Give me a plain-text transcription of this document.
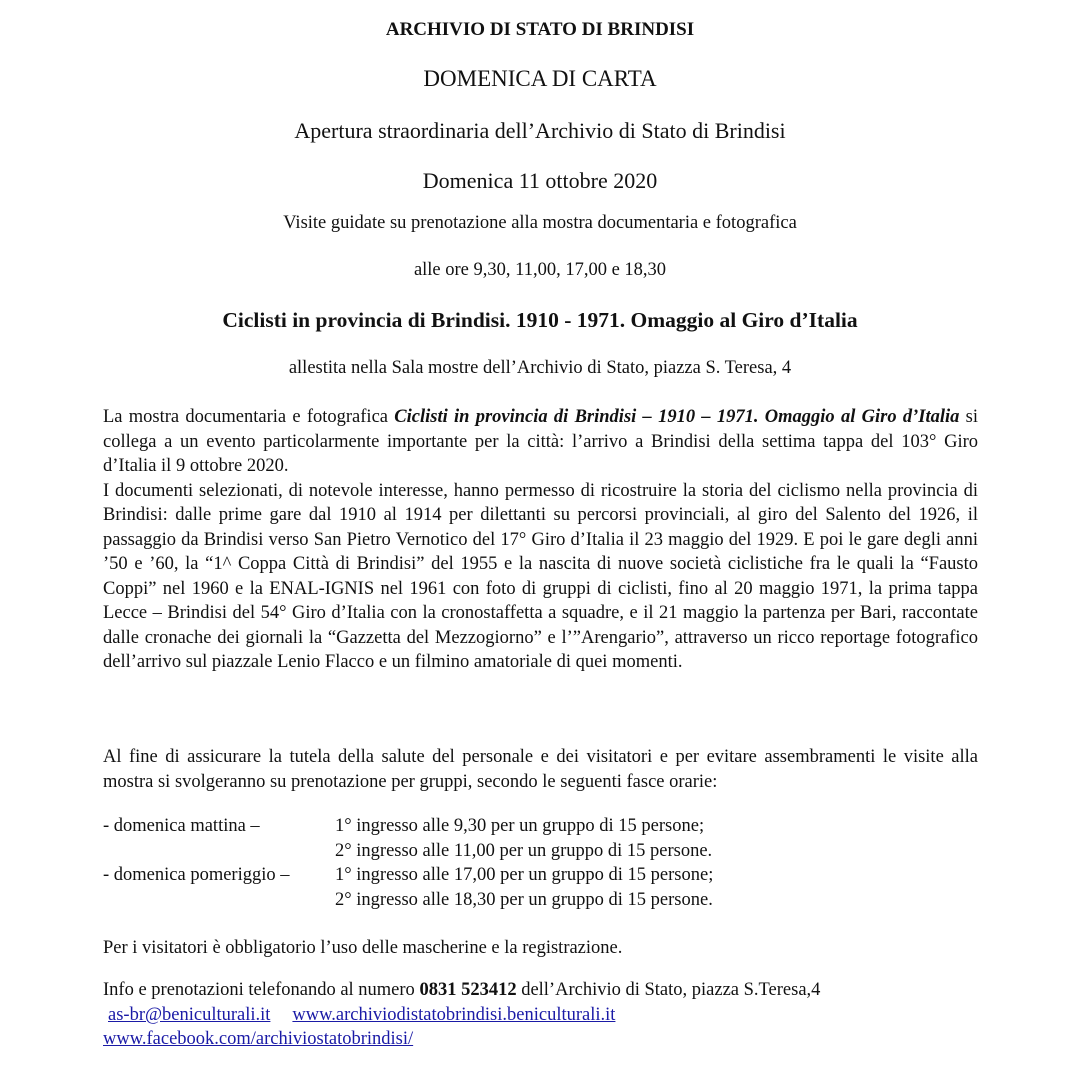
ARCHIVIO DI STATO DI BRINDISI

DOMENICA DI CARTA

Apertura straordinaria dell’Archivio di Stato di Brindisi

Domenica 11 ottobre 2020

Visite guidate su prenotazione alla mostra documentaria e fotografica

alle ore 9,30, 11,00, 17,00 e 18,30

Ciclisti in provincia di Brindisi. 1910 - 1971. Omaggio al Giro d’Italia

allestita nella Sala mostre dell’Archivio di Stato, piazza S. Teresa, 4

La mostra documentaria e fotografica Ciclisti in provincia di Brindisi – 1910 – 1971. Omaggio al Giro d’Italia si collega a un evento particolarmente importante per la città: l’arrivo a Brindisi della settima tappa del 103° Giro d’Italia il 9 ottobre 2020.
I documenti selezionati, di notevole interesse, hanno permesso di ricostruire la storia del ciclismo nella provincia di Brindisi: dalle prime gare dal 1910 al 1914 per dilettanti su percorsi provinciali, al giro del Salento del 1926, il passaggio da Brindisi verso San Pietro Vernotico del 17° Giro d’Italia il 23 maggio del 1929. E poi le gare degli anni ’50 e ’60, la “1^ Coppa Città di Brindisi” del 1955 e la nascita di nuove società ciclistiche fra le quali la “Fausto Coppi” nel 1960 e la ENAL-IGNIS nel 1961 con foto di gruppi di ciclisti, fino al 20 maggio 1971, la prima tappa Lecce – Brindisi del 54° Giro d’Italia con la cronostaffetta a squadre, e il 21 maggio la partenza per Bari, raccontate dalle cronache dei giornali la “Gazzetta del Mezzogiorno” e l’”Arengario”, attraverso un ricco reportage fotografico dell’arrivo sul piazzale Lenio Flacco e un filmino amatoriale di quei momenti.

Al fine di assicurare la tutela della salute del personale e dei visitatori e per evitare assembramenti le visite alla mostra si svolgeranno su prenotazione per gruppi, secondo le seguenti fasce orarie:

- domenica mattina –	1° ingresso alle 9,30 per un gruppo di 15 persone;
2° ingresso alle 11,00 per un gruppo di 15 persone.
- domenica pomeriggio – 1° ingresso alle 17,00 per un gruppo di 15 persone;
2° ingresso alle 18,30 per un gruppo di 15 persone.

Per i visitatori è obbligatorio l’uso delle mascherine e la registrazione.

Info e prenotazioni telefonando al numero 0831 523412 dell’Archivio di Stato, piazza S.Teresa,4

as-br@beniculturali.it www.archiviodistatobrindisi.beniculturali.it

www.facebook.com/archiviostatobrindisi/
